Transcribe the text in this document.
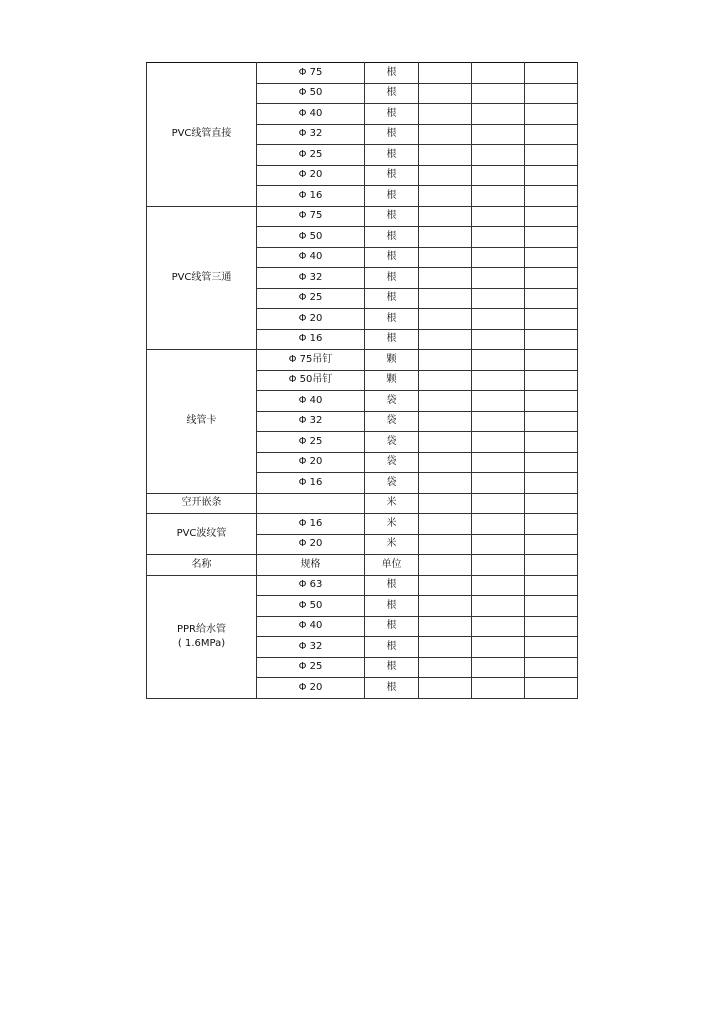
PVC线管直接	Φ 75	根			
	Φ 50	根			
	Φ 40	根			
	Φ 32	根			
	Φ 25	根			
	Φ 20	根			
	Φ 16	根			

PVC线管三通	Φ 75	根			
	Φ 50	根			
	Φ 40	根			
	Φ 32	根			
	Φ 25	根			
	Φ 20	根			
	Φ 16	根			

线管卡	Φ 75吊钉	颗			
	Φ 50吊钉	颗			
	Φ 40	袋			
	Φ 32	袋			
	Φ 25	袋			
	Φ 20	袋			
	Φ 16	袋			

空开嵌条		米			

PVC波纹管	Φ 16	米			
	Φ 20	米			

名称	规格	单位			

PPR给水管
( 1.6MPa)	Φ 63	根			
	Φ 50	根			
	Φ 40	根			
	Φ 32	根			
	Φ 25	根			
	Φ 20	根			
